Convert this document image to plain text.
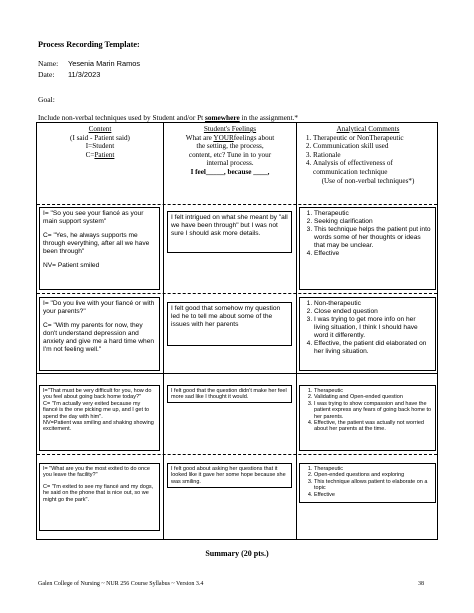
Process Recording Template:
Name: Yesenia Marin Ramos
Date: 11/3/2023
Goal:
Include non-verbal techniques used by Student and/or Pt somewhere in the assignment.*
Content
(I said - Patient said)
I=Student
C=Patient
Student's Feelings
What are YOURfeelings about
the setting, the process,
content, etc? Tune in to your
internal process.
I feel_____, because ____,
Analytical Comments
1. Therapeutic or NonTherapeutic
2. Communication skill used
3. Rationale
4. Analysis of effectiveness of communication technique
(Use of non-verbal techniques*)

I= "So you see your fiancé as your main support system"

C= "Yes, he always supports me through everything, after all we have been through"

NV= Patient smiled

I felt intrigued on what she meant by "all we have been through" but I was not sure I should ask more details.

1. Therapeutic
2. Seeking clarification
3. This technique helps the patient put into words some of her thoughts or ideas that may be unclear.
4. Effective

I= "Do you live with your fiancé or with your parents?"

C= "With my parents for now, they don't understand depression and anxiety and give me a hard time when I'm not feeling well."

I felt good that somehow my question led he to tell me about some of the issues with her parents

1. Non-therapeutic
2. Close ended question
3. I was trying to get more info on her living situation, I think I should have word it differently.
4. Effective, the patient did elaborated on her living situation.

I="That must be very difficult for you, how do you feel about going back home today?"

C= "I'm actually very exited because my fiancé is the one picking me up, and I get to spend the day with him".

NV=Patient was smiling and shaking showing excitement.

I felt good that the question didn't make her feel more sad like I thought it would.

1. Therapeutic
2. Validating and Open-ended question
3. I was trying to show compassion and have the patient express any fears of going back home to her parents.
4. Effective, the patient was actually not worried about her parents at the time.

I= "What are you the most exited to do once you leave the facility?"

C= "I'm exited to see my fiancé and my dogs, he said on the phone that is nice out, so we might go the park".

I felt good about asking her questions that it looked like it gave her some hope because she was smiling.

1. Therapeutic
2. Open-ended questions and exploring
3. This technique allows patient to elaborate on a topic
4. Effective
Summary (20 pts.)
Galen College of Nursing ~ NUR 256 Course Syllabus ~ Version 3.4	38
